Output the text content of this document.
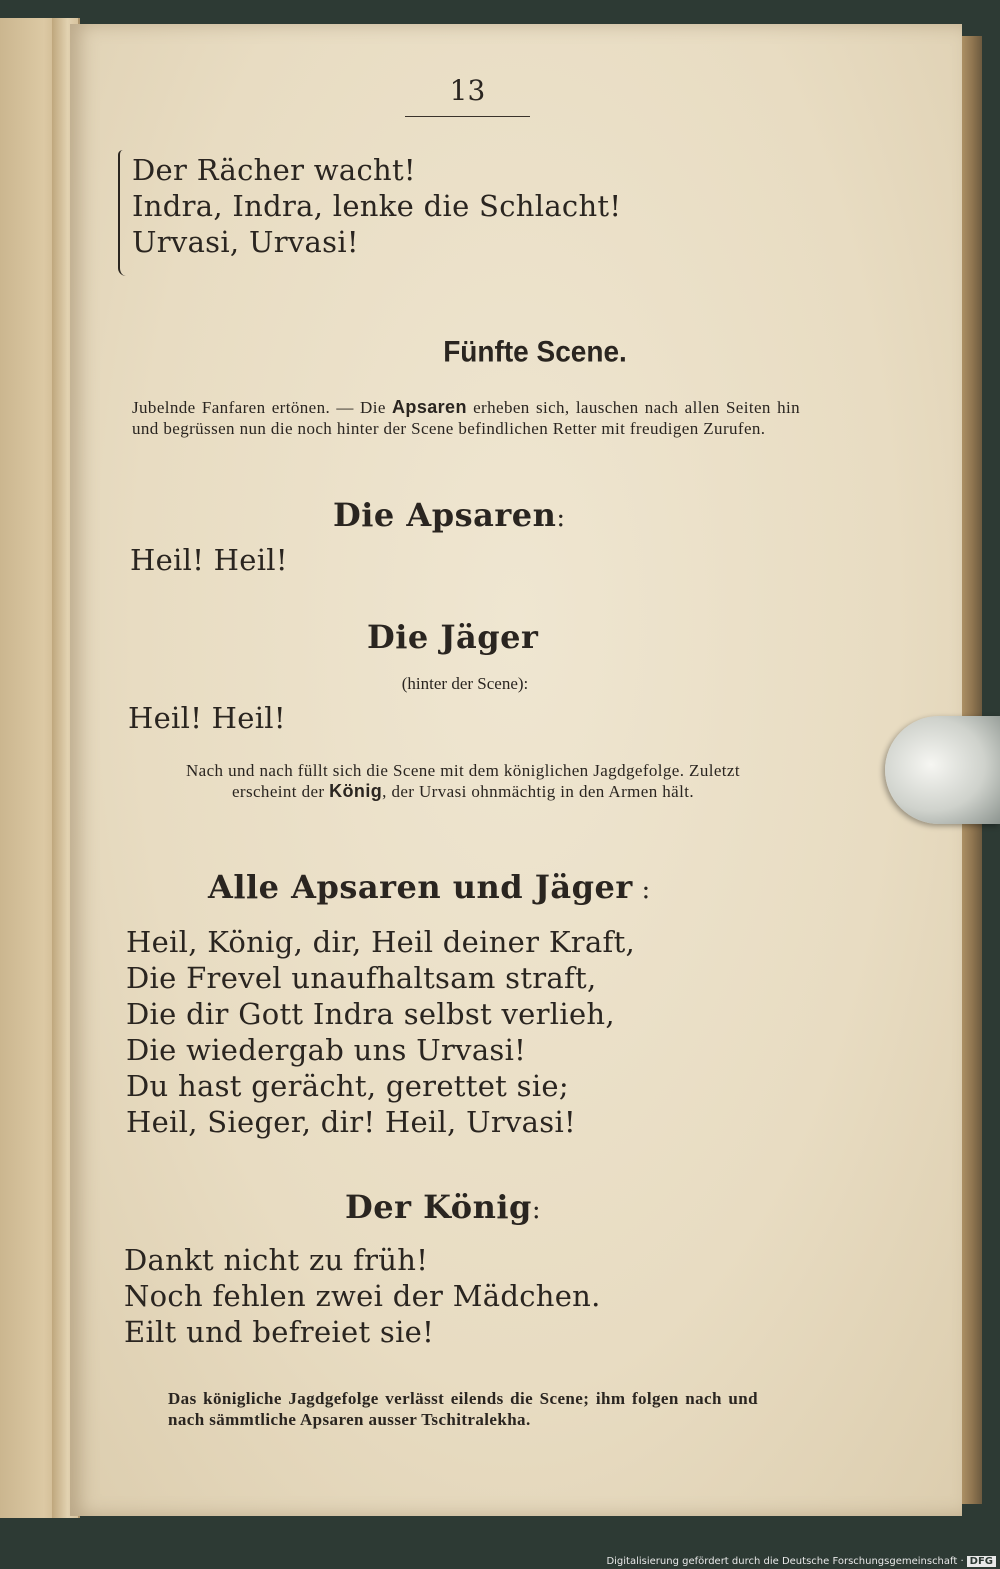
13
Der Rächer wacht!
Indra, Indra, lenke die Schlacht!
Urvasi, Urvasi!
Fünfte Scene.
Jubelnde Fanfaren ertönen. — Die Apsaren erheben sich, lauschen nach allen Seiten hin und begrüssen nun die noch hinter der Scene befindlichen Retter mit freudigen Zurufen.
Die Apsaren:
Heil! Heil!
Die Jäger
(hinter der Scene):
Heil! Heil!
Nach und nach füllt sich die Scene mit dem königlichen Jagdgefolge. Zuletzt erscheint der König, der Urvasi ohnmächtig in den Armen hält.
Alle Apsaren und Jäger :
Heil, König, dir, Heil deiner Kraft,
Die Frevel unaufhaltsam straft,
Die dir Gott Indra selbst verlieh,
Die wiedergab uns Urvasi!
Du hast gerächt, gerettet sie;
Heil, Sieger, dir! Heil, Urvasi!
Der König:
Dankt nicht zu früh!
Noch fehlen zwei der Mädchen.
Eilt und befreiet sie!
Das königliche Jagdgefolge verlässt eilends die Scene; ihm folgen nach und nach sämmtliche Apsaren ausser Tschitralekha.
Digitalisierung gefördert durch die Deutsche Forschungsgemeinschaft · DFG
